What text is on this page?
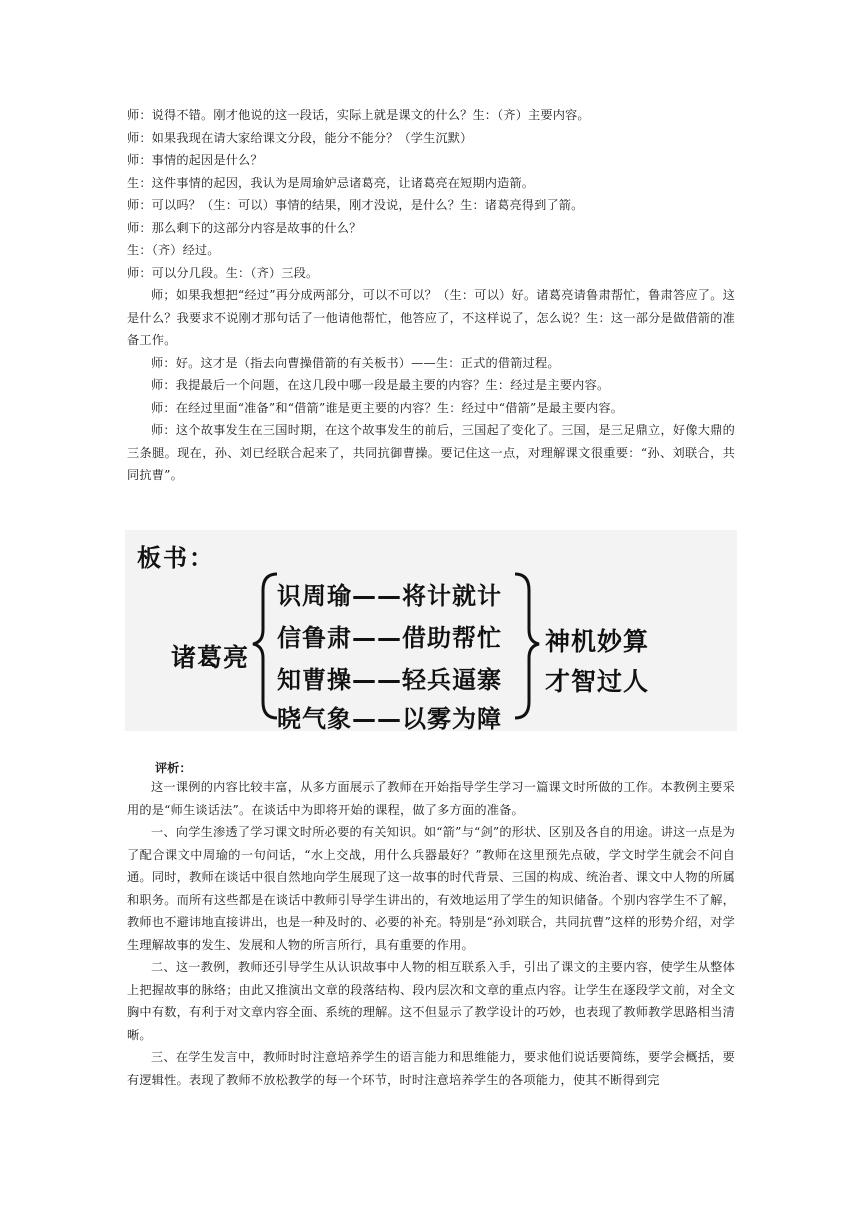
师：说得不错。刚才他说的这一段话，实际上就是课文的什么？生：（齐）主要内容。
师：如果我现在请大家给课文分段，能分不能分？（学生沉默）
师：事情的起因是什么？
生：这件事情的起因，我认为是周瑜妒忌诸葛亮，让诸葛亮在短期内造箭。
师：可以吗？（生：可以）事情的结果，刚才没说，是什么？生：诸葛亮得到了箭。
师：那么剩下的这部分内容是故事的什么？
生：（齐）经过。
师：可以分几段。生：（齐）三段。

师；如果我想把“经过”再分成两部分，可以不可以？（生：可以）好。诸葛亮请鲁肃帮忙，鲁肃答应了。这是什么？我要求不说刚才那句话了一他请他帮忙，他答应了，不这样说了，怎么说？生：这一部分是做借箭的准备工作。

师：好。这才是（指去向曹操借箭的有关板书）——生：正式的借箭过程。

师：我提最后一个问题，在这几段中哪一段是最主要的内容？生：经过是主要内容。

师：在经过里面“准备”和“借箭”谁是更主要的内容？生：经过中“借箭”是最主要内容。

师：这个故事发生在三国时期，在这个故事发生的前后，三国起了变化了。三国，是三足鼎立，好像大鼎的三条腿。现在，孙、刘已经联合起来了，共同抗御曹操。要记住这一点，对理解课文很重要：“孙、刘联合，共同抗曹”。

板书：
诸葛亮
识周瑜——将计就计
信鲁肃——借助帮忙
知曹操——轻兵逼寨
晓气象——以雾为障
神机妙算
才智过人

评析：

这一课例的内容比较丰富，从多方面展示了教师在开始指导学生学习一篇课文时所做的工作。本教例主要采用的是“师生谈话法”。在谈话中为即将开始的课程，做了多方面的准备。

一、向学生渗透了学习课文时所必要的有关知识。如“箭”与“剑”的形状、区别及各自的用途。讲这一点是为了配合课文中周瑜的一句问话，“水上交战，用什么兵器最好？”教师在这里预先点破，学文时学生就会不问自通。同时，教师在谈话中很自然地向学生展现了这一故事的时代背景、三国的构成、统治者、课文中人物的所属和职务。而所有这些都是在谈话中教师引导学生讲出的，有效地运用了学生的知识储备。个别内容学生不了解，教师也不避讳地直接讲出，也是一种及时的、必要的补充。特别是“孙刘联合，共同抗曹”这样的形势介绍，对学生理解故事的发生、发展和人物的所言所行，具有重要的作用。

二、这一教例，教师还引导学生从认识故事中人物的相互联系入手，引出了课文的主要内容，使学生从整体上把握故事的脉络；由此又推演出文章的段落结构、段内层次和文章的重点内容。让学生在逐段学文前，对全文胸中有数，有利于对文章内容全面、系统的理解。这不但显示了教学设计的巧妙，也表现了教师教学思路相当清晰。

三、在学生发言中，教师时时注意培养学生的语言能力和思维能力，要求他们说话要简练，要学会概括，要有逻辑性。表现了教师不放松教学的每一个环节，时时注意培养学生的各项能力，使其不断得到完
